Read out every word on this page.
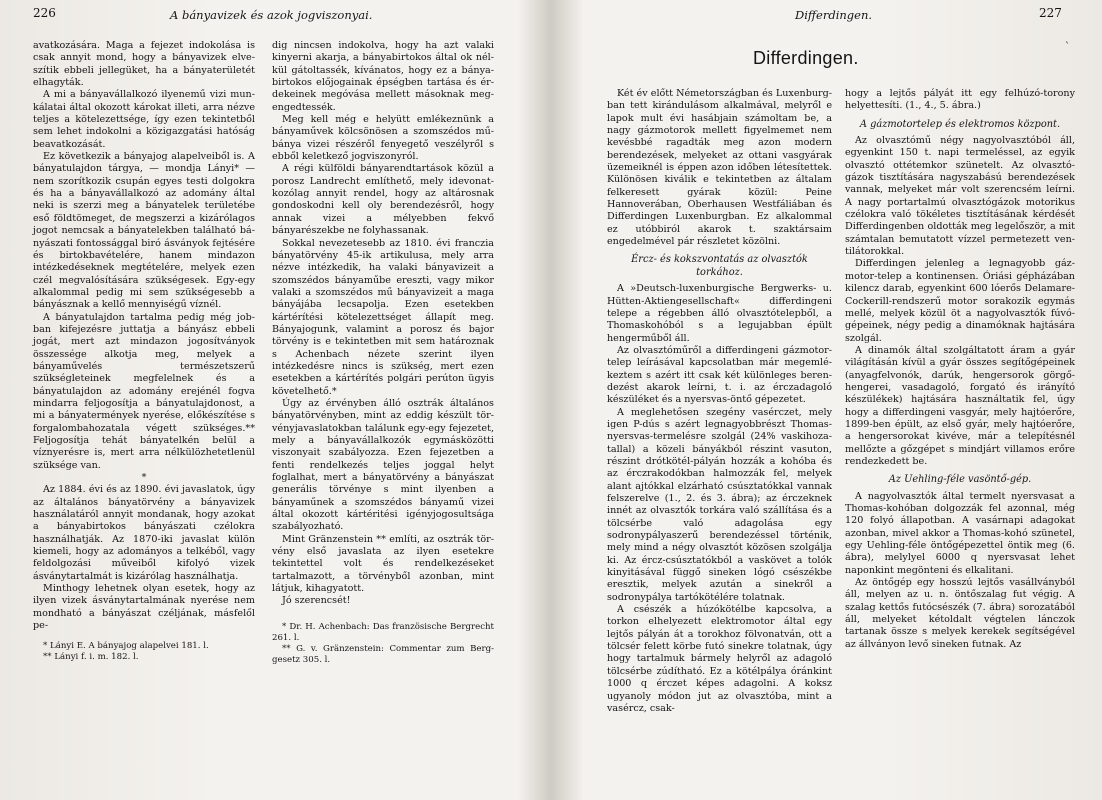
226	A bányavizek és azok jogviszonyai.

avatkozására. Maga a fejezet indokolása is csak annyit mond, hogy a bányavizek elveszítik ebbeli jellegüket, ha a bányaterületét elhagyták.

A mi a bányavállalkozó ilyenemű vizi munkálatai által okozott károkat illeti, arra nézve teljes a kötelezettsége, így ezen tekintetből sem lehet indokolni a közigazgatási hatóság beavatkozását.

Ez következik a bányajog alapelveiből is. A bányatulajdon tárgya, — mondja Lányi* — nem szorítkozik csupán egyes testi dolgokra és ha a bányavállalkozó az adomány által neki is szerzi meg a bányatelek területébe eső földtömeget, de megszerzi a kizárólagos jogot nemcsak a bányatelekben található bányászati fontossággal biró ásványok fejtésére és birtokbavételére, hanem mindazon intézkedéseknek megtételére, melyek ezen czél megvalósítására szükségesek. Egy-egy alkalommal pedig mi sem szükségesebb a bányásznak a kellő mennyiségű víznél.

A bányatulajdon tartalma pedig még jobban kifejezésre juttatja a bányász ebbeli jogát, mert azt mindazon jogosítványok összessége alkotja meg, melyek a bányaművelés természetszerű szükségleteinek megfelelnek és a bányatulajdon az adomány erejénél fogva mindarra feljogosítja a bányatulajdonost, a mi a bányatermények nyerése, előkészítése s forgalombahozatala végett szükséges.** Feljogosítja tehát bányatelkén belül a víznyerésre is, mert arra nélkülözhetetlenül szüksége van.

*

Az 1884. évi és az 1890. évi javaslatok, úgy az általános bányatörvény a bányavizek használatáról annyit mondanak, hogy azokat a bányabirtokos bányászati czélokra használhatják. Az 1870-iki javaslat külön kiemeli, hogy az adományos a telkéből, vagy feldolgozási műveiből kifolyó vizek ásványtartalmát is kizárólag használhatja.

Minthogy lehetnek olyan esetek, hogy az ilyen vizek ásványtartalmának nyerése nem mondható a bányászat czéljának, másfelől pe-

* Lányi E. A bányajog alapelvei 181. l.

** Lányi f. i. m. 182. l.

dig nincsen indokolva, hogy ha azt valaki kinyerni akarja, a bányabirtokos által ok nélkül gátoltassék, kívánatos, hogy ez a bányabirtokos előjogainak épségben tartása és érdekeinek megóvása mellett másoknak megengedtessék.

Meg kell még e helyütt emlékeznünk a bányaművek kölcsönösen a szomszédos műbánya vizei részéről fenyegető veszélyről s ebből keletkező jogviszonyról.

A régi külföldi bányarendtartások közül a porosz Landrecht említhető, mely idevonatkozólag annyit rendel, hogy az altárosnak gondoskodni kell oly berendezésről, hogy annak vizei a mélyebben fekvő bányarészekbe ne folyhassanak.

Sokkal nevezetesebb az 1810. évi franczia bányatörvény 45-ik artikulusa, mely arra nézve intézkedik, ha valaki bányavizeit a szomszédos bányaműbe ereszti, vagy mikor valaki a szomszédos mű bányavizeit a maga bányájába lecsapolja. Ezen esetekben kártérítési kötelezettséget állapít meg. Bányajogunk, valamint a porosz és bajor törvény is e tekintetben mit sem határoznak s Achenbach nézete szerint ilyen intézkedésre nincs is szükség, mert ezen esetekben a kártérítés polgári perúton ügyis követelhető.*

Úgy az érvényben álló osztrák általános bányatörvényben, mint az eddig készült törvényjavaslatokban találunk egy-egy fejezetet, mely a bányavállalkozók egymásközötti viszonyait szabályozza. Ezen fejezetben a fenti rendelkezés teljes joggal helyt foglalhat, mert a bányatörvény a bányászat generális törvénye s mint ilyenben a bányaműnek a szomszédos bányamű vizei által okozott kártéritési igényjogosultsága szabályozható.

Mint Gränzenstein ** említi, az osztrák törvény első javaslata az ilyen esetekre tekintettel volt és rendelkezéseket tartalmazott, a törvényből azonban, mint látjuk, kihagyatott.

Jó szerencsét!

* Dr. H. Achenbach: Das französische Bergrecht 261. l.

** G. v. Gränzenstein: Commentar zum Berggesetz 305. l.

Differdingen.	227
ˋ
Differdingen.

Két év előtt Németországban és Luxenburgban tett kirándulásom alkalmával, melyről e lapok mult évi hasábjain számoltam be, a nagy gázmotorok mellett figyelmemet nem kevésbbé ragadták meg azon modern berendezések, melyeket az ottani vasgyárak üzemeiknél is éppen azon időben létesítettek. Különösen kiválik e tekintetben az általam felkeresett gyárak közül: Peine Hannoverában, Oberhausen Westfáliában és Differdingen Luxenburgban. Ez alkalommal ez utóbbiról akarok t. szaktársaim engedelmével pár részletet közölni.

Ércz- és kokszvontatás az olvasztók torkához.

A »Deutsch-luxenburgische Bergwerks- u. Hütten-Aktiengesellschaft« differdingeni telepe a régebben álló olvasztótelepből, a Thomaskohóból s a legujabban épült hengerműből áll.

Az olvasztóműről a differdingeni gázmotortelep leírásával kapcsolatban már megemlékeztem s azért itt csak két különleges berendezést akarok leírni, t. i. az érczadagoló készüléket és a nyersvas-öntő gépezetet.

A meglehetősen szegény vasérczet, mely igen P-dús s azért legnagyobbrészt Thomasnyersvas-termelésre szolgál (24% vaskihozatallal) a közeli bányákból részint vasuton, részint drótkötél-pályán hozzák a kohóba és az érczrakodókban halmozzák fel, melyek alant ajtókkal elzárható csúsztatókkal vannak felszerelve (1., 2. és 3. ábra); az érczeknek innét az olvasztók torkára való szállítása és a tölcsérbe való adagolása egy sodronypályaszerű berendezéssel történik, mely mind a négy olvasztót közösen szolgálja ki. Az ércz-csúsztatókból a vaskövet a tolók kinyitásával függő sineken lógó csészékbe eresztik, melyek azután a sinekről a sodronypálya tartókötélére tolatnak.

A csészék a húzókötélbe kapcsolva, a torkon elhelyezett elektromotor által egy lejtős pályán át a torokhoz fölvonatván, ott a tölcsér felett körbe futó sinekre tolatnak, úgy hogy tartalmuk bármely helyről az adagoló tölcsérbe zúdítható. Ez a kötélpálya óránkint 1000 q érczet képes adagolni. A koksz ugyanoly módon jut az olvasztóba, mint a vasércz, csak-

hogy a lejtős pályát itt egy felhúzó-torony helyettesíti. (1., 4., 5. ábra.)

A gázmotortelep és elektromos központ.

Az olvasztómű négy nagyolvasztóból áll, egyenkint 150 t. napi termeléssel, az egyik olvasztó ottétemkor szünetelt. Az olvasztógázok tisztítására nagyszabású berendezések vannak, melyeket már volt szerencsém leírni. A nagy portartalmú olvasztógázok motorikus czélokra való tökéletes tisztításának kérdését Differdingenben oldották meg legelőször, a mit számtalan bemutatott vízzel permetezett ventilátorokkal.

Differdingen jelenleg a legnagyobb gázmotor-telep a kontinensen. Óriási gépházában kilencz darab, egyenkint 600 lóerős Delamare-Cockerill-rendszerű motor sorakozik egymás mellé, melyek közül öt a nagyolvasztók fúvógépeinek, négy pedig a dinamóknak hajtására szolgál.

A dinamók által szolgáltatott áram a gyár világításán kívül a gyár összes segítőgépeinek (anyagfelvonók, darúk, hengersorok görgőhengerei, vasadagoló, forgató és irányító készülékek) hajtására használtatik fel, úgy hogy a differdingeni vasgyár, mely hajtóerőre, 1899-ben épült, az első gyár, mely hajtóerőre, a hengersorokat kivéve, már a telepítésnél mellőzte a gőzgépet s mindjárt villamos erőre rendezkedett be.

Az Uehling-féle vasöntő-gép.

A nagyolvasztók által termelt nyersvasat a Thomas-kohóban dolgozzák fel azonnal, még 120 folyó állapotban. A vasárnapi adagokat azonban, mivel akkor a Thomas-kohó szünetel, egy Uehling-féle öntőgépezettel öntik meg (6. ábra), melylyel 6000 q nyersvasat lehet naponkint megönteni és elkalitani.

Az öntőgép egy hosszú lejtős vasállványból áll, melyen az u. n. öntőszalag fut végig. A szalag kettős futócsészék (7. ábra) sorozatából áll, melyeket kétoldalt végtelen lánczok tartanak össze s melyek kerekek segítségével az állványon levő sineken futnak. Az
